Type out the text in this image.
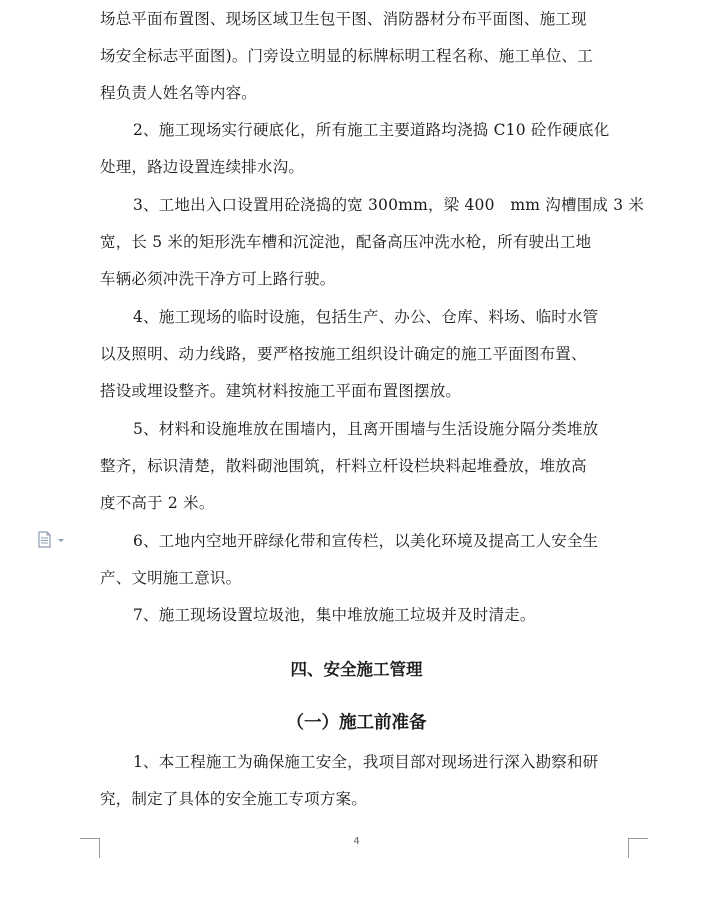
场总平面布置图、现场区域卫生包干图、消防器材分布平面图、施工现
场安全标志平面图)。门旁设立明显的标牌标明工程名称、施工单位、工
程负责人姓名等内容。
2、施工现场实行硬底化，所有施工主要道路均浇捣 C10 砼作硬底化
处理，路边设置连续排水沟。
3、工地出入口设置用砼浇捣的宽 300mm，梁 400　mm 沟槽围成 3 米
宽，长 5 米的矩形洗车槽和沉淀池，配备高压冲洗水枪，所有驶出工地
车辆必须冲洗干净方可上路行驶。
4、施工现场的临时设施，包括生产、办公、仓库、料场、临时水管
以及照明、动力线路，要严格按施工组织设计确定的施工平面图布置、
搭设或埋设整齐。建筑材料按施工平面布置图摆放。
5、材料和设施堆放在围墙内，且离开围墙与生活设施分隔分类堆放
整齐，标识清楚，散料砌池围筑，杆料立杆设栏块料起堆叠放，堆放高
度不高于 2 米。
6、工地内空地开辟绿化带和宣传栏，以美化环境及提高工人安全生
产、文明施工意识。
7、施工现场设置垃圾池，集中堆放施工垃圾并及时清走。
四、安全施工管理
（一）施工前准备
1、本工程施工为确保施工安全，我项目部对现场进行深入勘察和研
究，制定了具体的安全施工专项方案。
4
